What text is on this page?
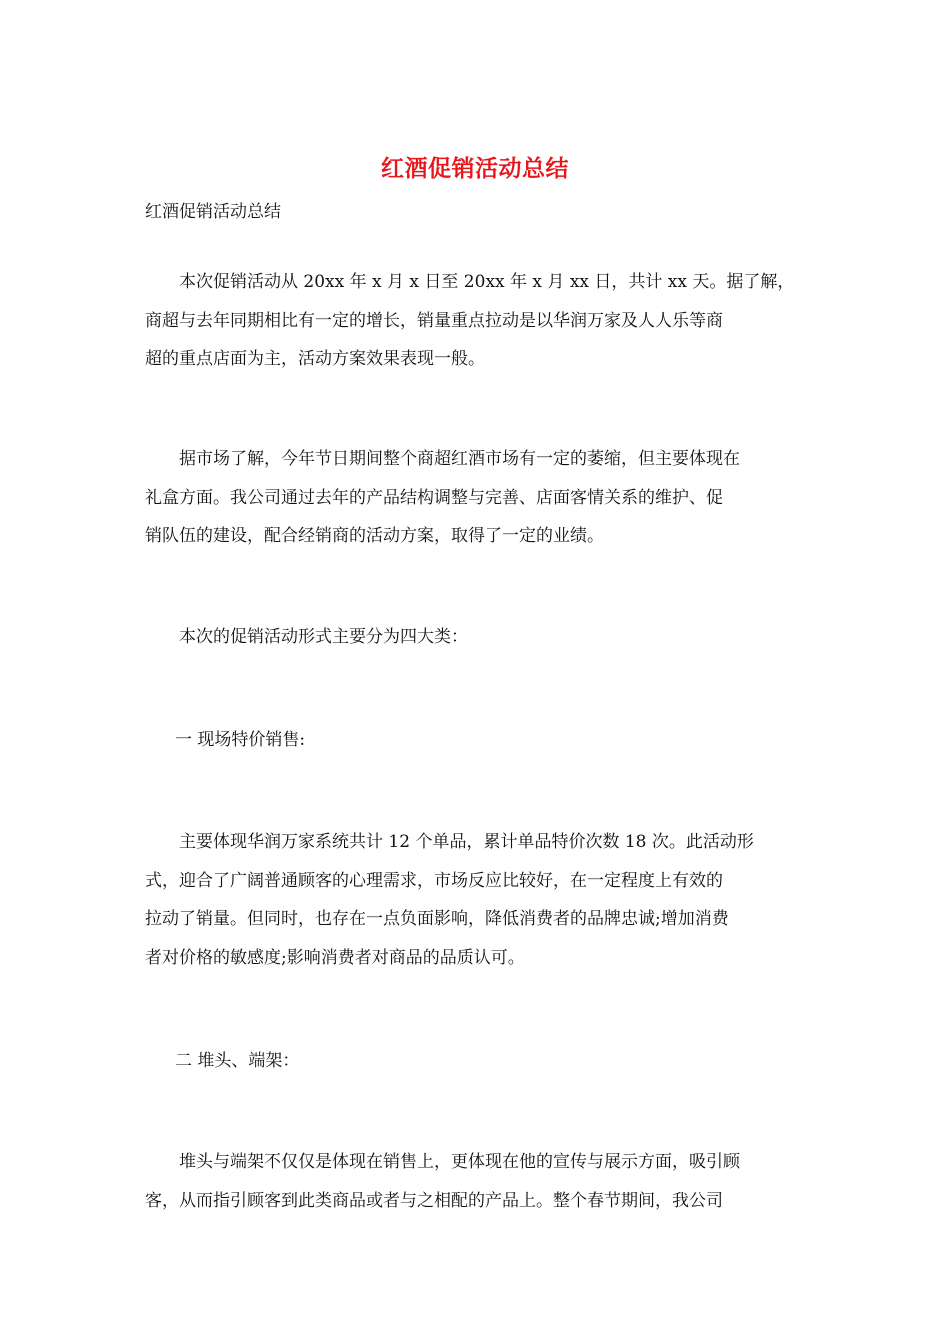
红酒促销活动总结
红酒促销活动总结

本次促销活动从 20xx 年 x 月 x 日至 20xx 年 x 月 xx 日，共计 xx 天。据了解，
商超与去年同期相比有一定的增长，销量重点拉动是以华润万家及人人乐等商
超的重点店面为主，活动方案效果表现一般。

据市场了解，今年节日期间整个商超红酒市场有一定的萎缩，但主要体现在
礼盒方面。我公司通过去年的产品结构调整与完善、店面客情关系的维护、促
销队伍的建设，配合经销商的活动方案，取得了一定的业绩。

本次的促销活动形式主要分为四大类：

一 现场特价销售:

主要体现华润万家系统共计 12 个单品，累计单品特价次数 18 次。此活动形
式，迎合了广阔普通顾客的心理需求，市场反应比较好，在一定程度上有效的
拉动了销量。但同时，也存在一点负面影响，降低消费者的品牌忠诚;增加消费
者对价格的敏感度;影响消费者对商品的品质认可。

二 堆头、端架：

堆头与端架不仅仅是体现在销售上，更体现在他的宣传与展示方面，吸引顾
客，从而指引顾客到此类商品或者与之相配的产品上。整个春节期间，我公司
